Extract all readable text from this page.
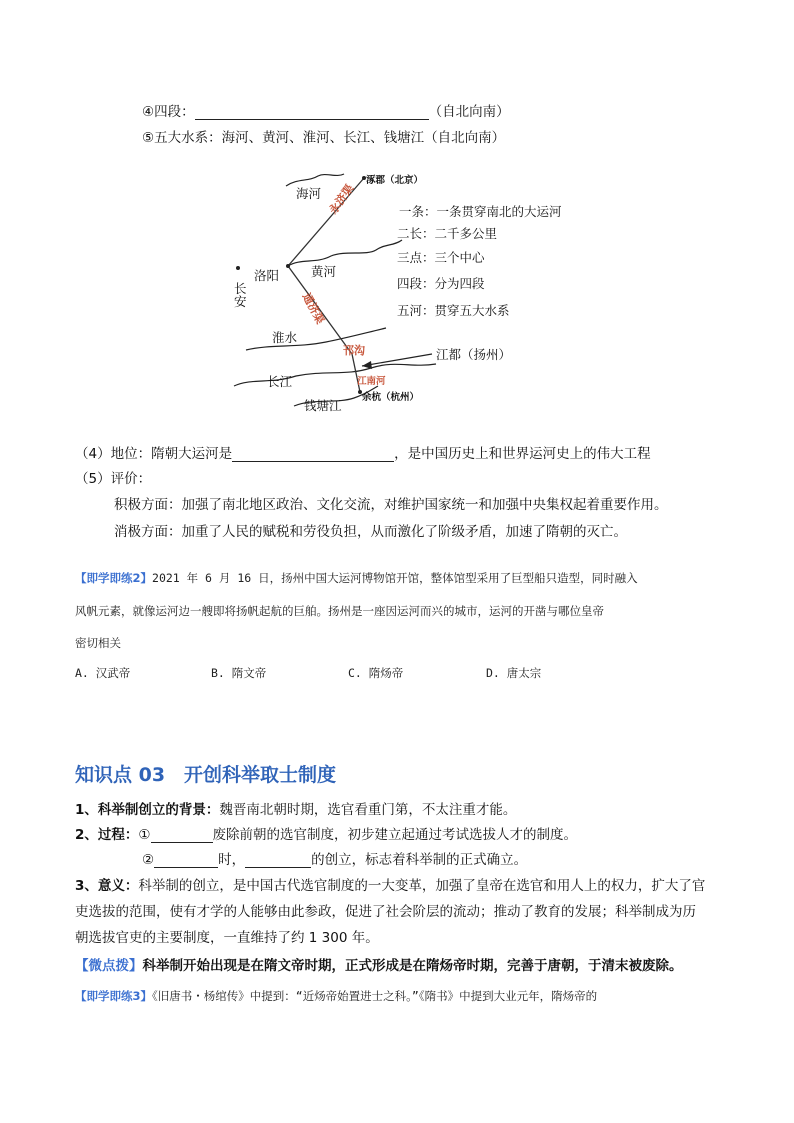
④四段：	（自北向南）
⑤五大水系：海河、黄河、淮河、长江、钱塘江（自北向南）
涿郡（北京）
海河 永济渠
洛阳	黄河
长安	通济渠
淮水
邗沟	江都（扬州）
长江	江南河
余杭（杭州）
钱塘江
一条：一条贯穿南北的大运河
二长：二千多公里
三点：三个中心
四段：分为四段
五河：贯穿五大水系
（4）地位：隋朝大运河是	，是中国历史上和世界运河史上的伟大工程
（5）评价：
积极方面：加强了南北地区政治、文化交流，对维护国家统一和加强中央集权起着重要作用。
消极方面：加重了人民的赋税和劳役负担，从而激化了阶级矛盾，加速了隋朝的灭亡。
【即学即练2】2021 年 6 月 16 日，扬州中国大运河博物馆开馆，整体馆型采用了巨型船只造型，同时融入
风帆元素，就像运河边一艘即将扬帆起航的巨舶。扬州是一座因运河而兴的城市，运河的开凿与哪位皇帝
密切相关
A. 汉武帝	B. 隋文帝	C. 隋炀帝	D. 唐太宗
知识点 03　开创科举取士制度
1、科举制创立的背景：魏晋南北朝时期，选官看重门第，不太注重才能。
2、过程：①	废除前朝的选官制度，初步建立起通过考试选拔人才的制度。
②	时，	的创立，标志着科举制的正式确立。
3、意义：科举制的创立，是中国古代选官制度的一大变革，加强了皇帝在选官和用人上的权力，扩大了官
吏选拔的范围，使有才学的人能够由此参政，促进了社会阶层的流动；推动了教育的发展；科举制成为历
朝选拔官吏的主要制度，一直维持了约 1 300 年。
【微点拨】科举制开始出现是在隋文帝时期，正式形成是在隋炀帝时期，完善于唐朝，于清末被废除。
【即学即练3】《旧唐书・杨绾传》中提到：“近炀帝始置进士之科。”《隋书》中提到大业元年，隋炀帝的
